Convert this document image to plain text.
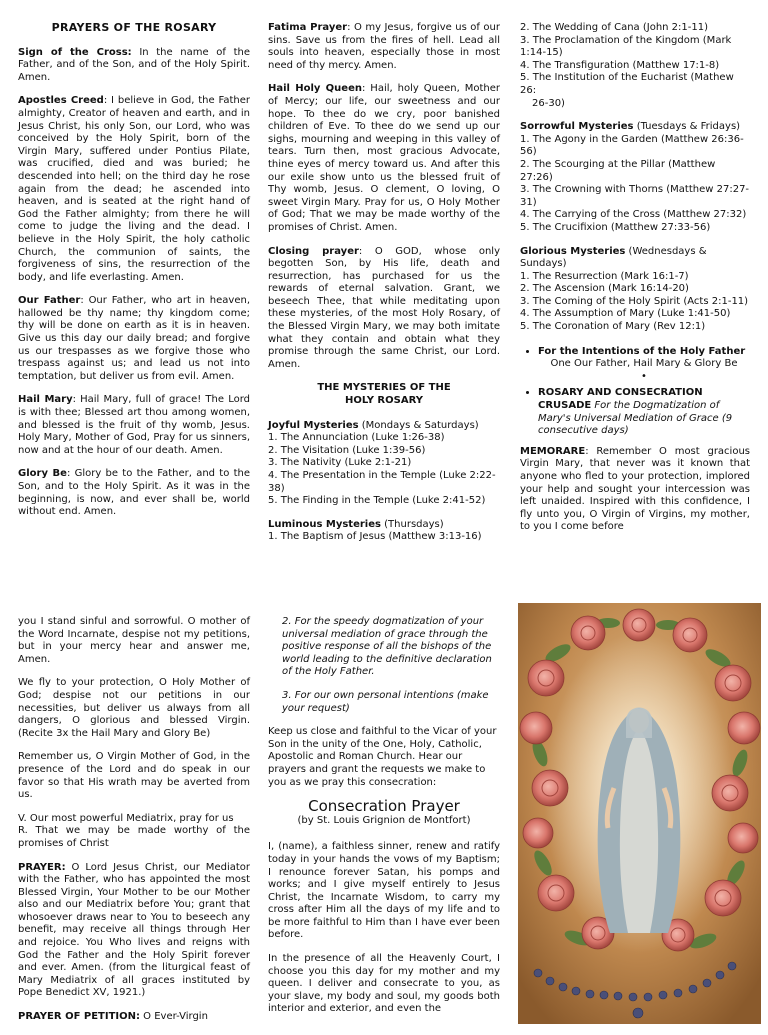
PRAYERS OF THE ROSARY

Sign of the Cross: In the name of the Father, and of the Son, and of the Holy Spirit. Amen.

Apostles Creed: I believe in God, the Father almighty, Creator of heaven and earth, and in Jesus Christ, his only Son, our Lord, who was conceived by the Holy Spirit, born of the Virgin Mary, suffered under Pontius Pilate, was crucified, died and was buried; he descended into hell; on the third day he rose again from the dead; he ascended into heaven, and is seated at the right hand of God the Father almighty; from there he will come to judge the living and the dead. I believe in the Holy Spirit, the holy catholic Church, the communion of saints, the forgiveness of sins, the resurrection of the body, and life everlasting. Amen.

Our Father: Our Father, who art in heaven, hallowed be thy name; thy kingdom come; thy will be done on earth as it is in heaven. Give us this day our daily bread; and forgive us our trespasses as we forgive those who trespass against us; and lead us not into temptation, but deliver us from evil. Amen.

Hail Mary: Hail Mary, full of grace! The Lord is with thee; Blessed art thou among women, and blessed is the fruit of thy womb, Jesus. Holy Mary, Mother of God, Pray for us sinners, now and at the hour of our death. Amen.

Glory Be: Glory be to the Father, and to the Son, and to the Holy Spirit. As it was in the beginning, is now, and ever shall be, world without end. Amen.

Fatima Prayer: O my Jesus, forgive us of our sins. Save us from the fires of hell. Lead all souls into heaven, especially those in most need of thy mercy. Amen.

Hail Holy Queen: Hail, holy Queen, Mother of Mercy; our life, our sweetness and our hope. To thee do we cry, poor banished children of Eve. To thee do we send up our sighs, mourning and weeping in this valley of tears. Turn then, most gracious Advocate, thine eyes of mercy toward us. And after this our exile show unto us the blessed fruit of Thy womb, Jesus. O clement, O loving, O sweet Virgin Mary. Pray for us, O Holy Mother of God; That we may be made worthy of the promises of Christ. Amen.

Closing prayer: O GOD, whose only begotten Son, by His life, death and resurrection, has purchased for us the rewards of eternal salvation. Grant, we beseech Thee, that while meditating upon these mysteries, of the most Holy Rosary, of the Blessed Virgin Mary, we may both imitate what they contain and obtain what they promise through the same Christ, our Lord. Amen.

THE MYSTERIES OF THE
HOLY ROSARY
Joyful Mysteries (Mondays & Saturdays)
1. The Annunciation (Luke 1:26-38)
2. The Visitation (Luke 1:39-56)
3. The Nativity (Luke 2:1-21)
4. The Presentation in the Temple (Luke 2:22-38)
5. The Finding in the Temple (Luke 2:41-52)
Luminous Mysteries (Thursdays)
1. The Baptism of Jesus (Matthew 3:13-16)
2. The Wedding of Cana (John 2:1-11)
3. The Proclamation of the Kingdom (Mark 1:14-15)
4. The Transfiguration (Matthew 17:1-8)
5. The Institution of the Eucharist (Mathew 26:
26-30)
Sorrowful Mysteries (Tuesdays & Fridays)
1. The Agony in the Garden (Matthew 26:36-56)
2. The Scourging at the Pillar (Matthew 27:26)
3. The Crowning with Thorns (Matthew 27:27-31)
4. The Carrying of the Cross (Matthew 27:32)
5. The Crucifixion (Matthew 27:33-56)
Glorious Mysteries (Wednesdays & Sundays)
1. The Resurrection (Mark 16:1-7)
2. The Ascension (Mark 16:14-20)
3. The Coming of the Holy Spirit (Acts 2:1-11)
4. The Assumption of Mary (Luke 1:41-50)
5. The Coronation of Mary (Rev 12:1)
• For the Intentions of the Holy Father
One Our Father, Hail Mary & Glory Be
•
• ROSARY AND CONSECRATION CRUSADE For the Dogmatization of Mary's Universal Mediation of Grace (9 consecutive days)

MEMORARE: Remember O most gracious Virgin Mary, that never was it known that anyone who fled to your protection, implored your help and sought your intercession was left unaided. Inspired with this confidence, I fly unto you, O Virgin of Virgins, my mother, to you I come before

you I stand sinful and sorrowful. O mother of the Word Incarnate, despise not my petitions, but in your mercy hear and answer me, Amen.

We fly to your protection, O Holy Mother of God; despise not our petitions in our necessities, but deliver us always from all dangers, O glorious and blessed Virgin. (Recite 3x the Hail Mary and Glory Be)

Remember us, O Virgin Mother of God, in the presence of the Lord and do speak in our favor so that His wrath may be averted from us.

V. Our most powerful Mediatrix, pray for us
R. That we may be made worthy of the promises of Christ

PRAYER: O Lord Jesus Christ, our Mediator with the Father, who has appointed the most Blessed Virgin, Your Mother to be our Mother also and our Mediatrix before You; grant that whosoever draws near to You to beseech any benefit, may receive all things through Her and rejoice. You Who lives and reigns with God the Father and the Holy Spirit forever and ever. Amen. (from the liturgical feast of Mary Mediatrix of all graces instituted by Pope Benedict XV, 1921.)

PRAYER OF PETITION: O Ever-Virgin

2. For the speedy dogmatization of your universal mediation of grace through the positive response of all the bishops of the world leading to the definitive declaration of the Holy Father.

3. For our own personal intentions (make your request)

Keep us close and faithful to the Vicar of your Son in the unity of the One, Holy, Catholic, Apostolic and Roman Church. Hear our prayers and grant the requests we make to you as we pray this consecration:

Consecration Prayer
(by St. Louis Grignion de Montfort)

I, (name), a faithless sinner, renew and ratify today in your hands the vows of my Baptism; I renounce forever Satan, his pomps and works; and I give myself entirely to Jesus Christ, the Incarnate Wisdom, to carry my cross after Him all the days of my life and to be more faithful to Him than I have ever been before.

In the presence of all the Heavenly Court, I choose you this day for my mother and my queen. I deliver and consecrate to you, as your slave, my body and soul, my goods both interior and exterior, and even the
